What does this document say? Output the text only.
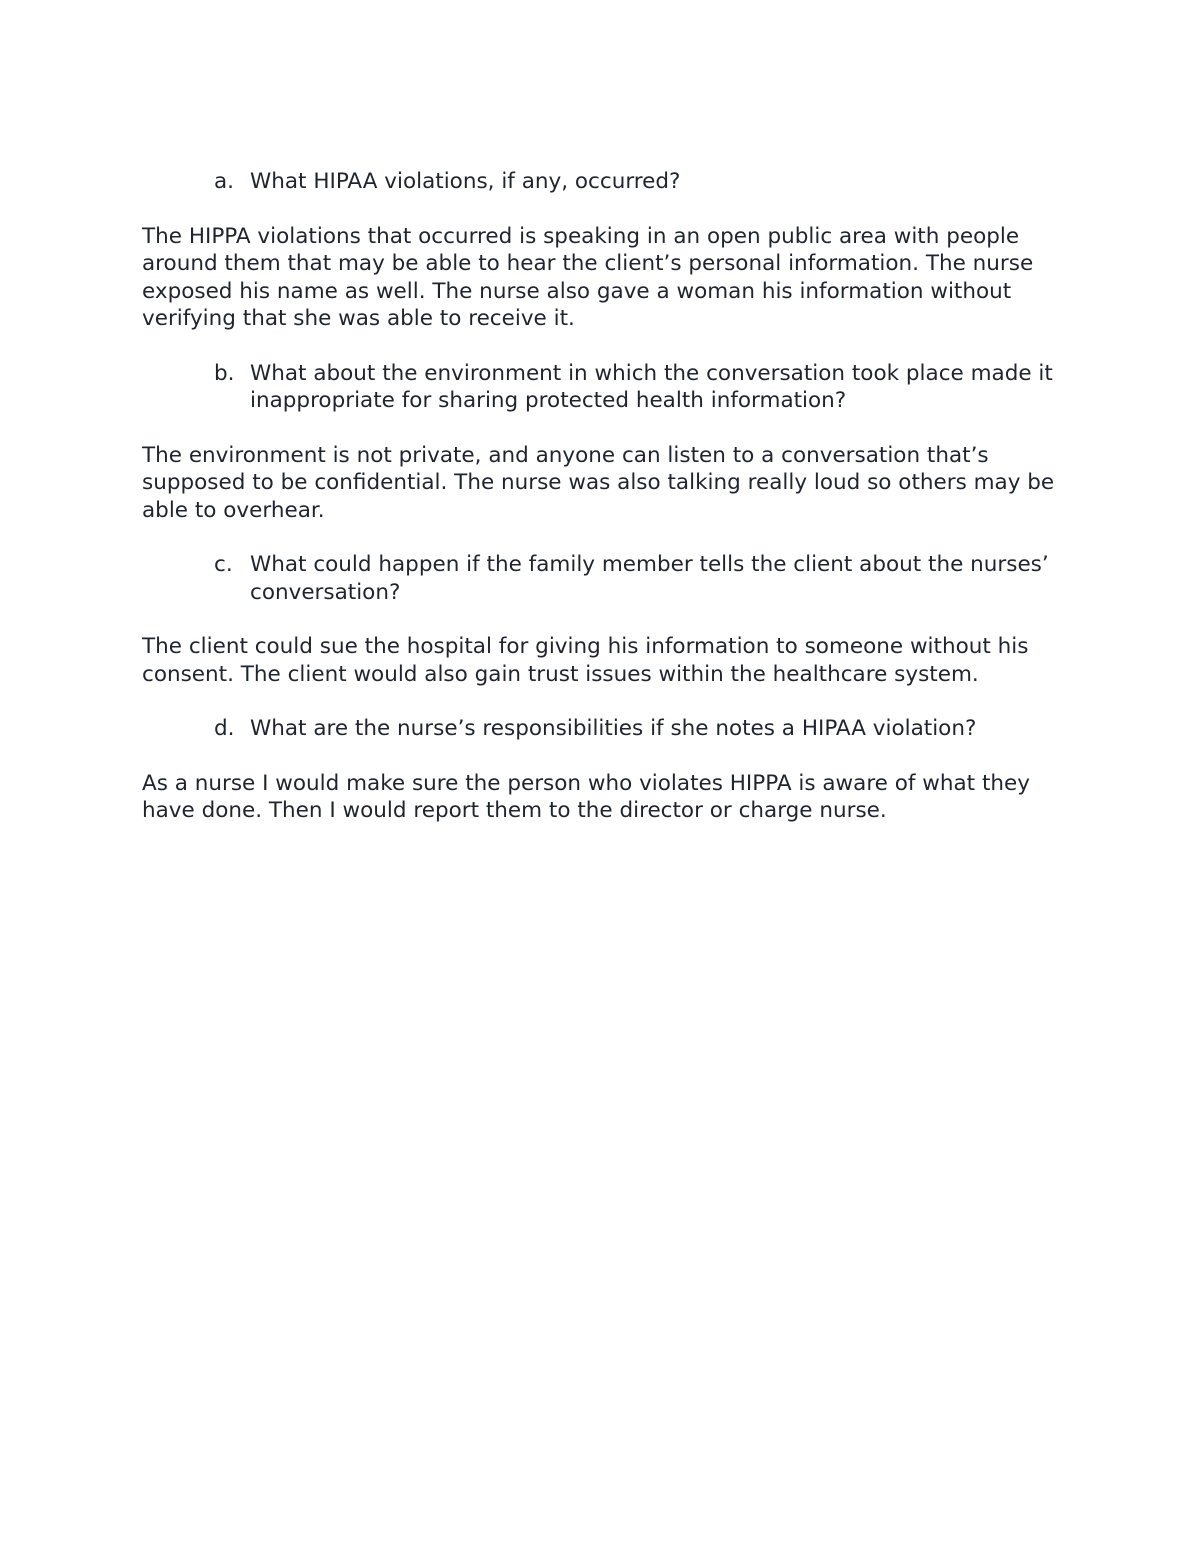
a. What HIPAA violations, if any, occurred?

The HIPPA violations that occurred is speaking in an open public area with people around them that may be able to hear the client’s personal information. The nurse exposed his name as well. The nurse also gave a woman his information without verifying that she was able to receive it.

b. What about the environment in which the conversation took place made it inappropriate for sharing protected health information?

The environment is not private, and anyone can listen to a conversation that’s supposed to be confidential. The nurse was also talking really loud so others may be able to overhear.

c. What could happen if the family member tells the client about the nurses’ conversation?

The client could sue the hospital for giving his information to someone without his consent. The client would also gain trust issues within the healthcare system.

d. What are the nurse’s responsibilities if she notes a HIPAA violation?

As a nurse I would make sure the person who violates HIPPA is aware of what they have done. Then I would report them to the director or charge nurse.
